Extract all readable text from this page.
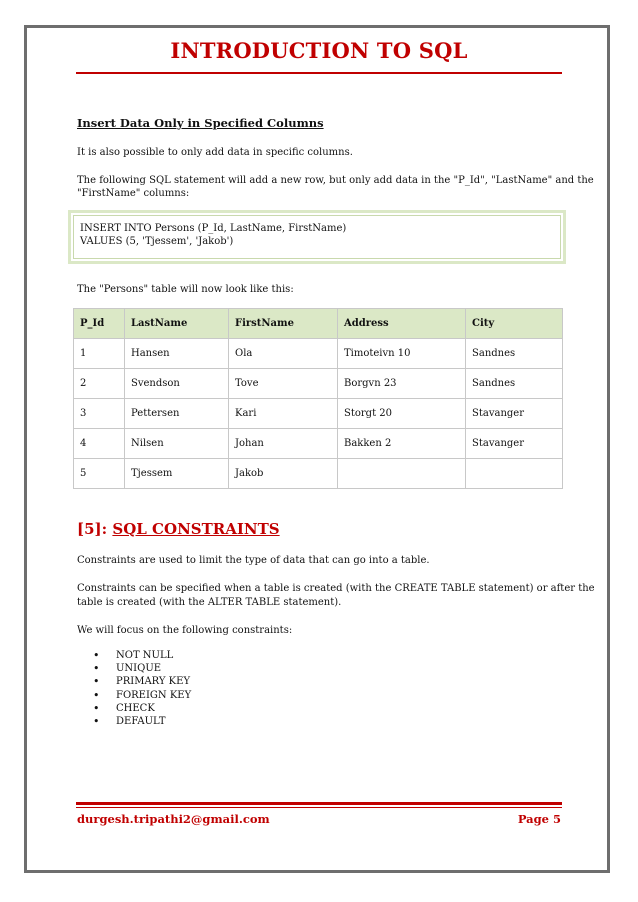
INTRODUCTION TO SQL

Insert Data Only in Specified Columns

It is also possible to only add data in specific columns.

The following SQL statement will add a new row, but only add data in the "P_Id", "LastName" and the

"FirstName" columns:

INSERT INTO Persons (P_Id, LastName, FirstName)
VALUES (5, 'Tjessem', 'Jakob')

The "Persons" table will now look like this:

P_Id	LastName	FirstName	Address	City
1	Hansen	Ola	Timoteivn 10	Sandnes
2	Svendson	Tove	Borgvn 23	Sandnes
3	Pettersen	Kari	Storgt 20	Stavanger
4	Nilsen	Johan	Bakken 2	Stavanger
5	Tjessem	Jakob		

[5]: SQL CONSTRAINTS

Constraints are used to limit the type of data that can go into a table.

Constraints can be specified when a table is created (with the CREATE TABLE statement) or after the

table is created (with the ALTER TABLE statement).

We will focus on the following constraints:

• NOT NULL
• UNIQUE
• PRIMARY KEY
• FOREIGN KEY
• CHECK
• DEFAULT
durgesh.tripathi2@gmail.com	Page 5
